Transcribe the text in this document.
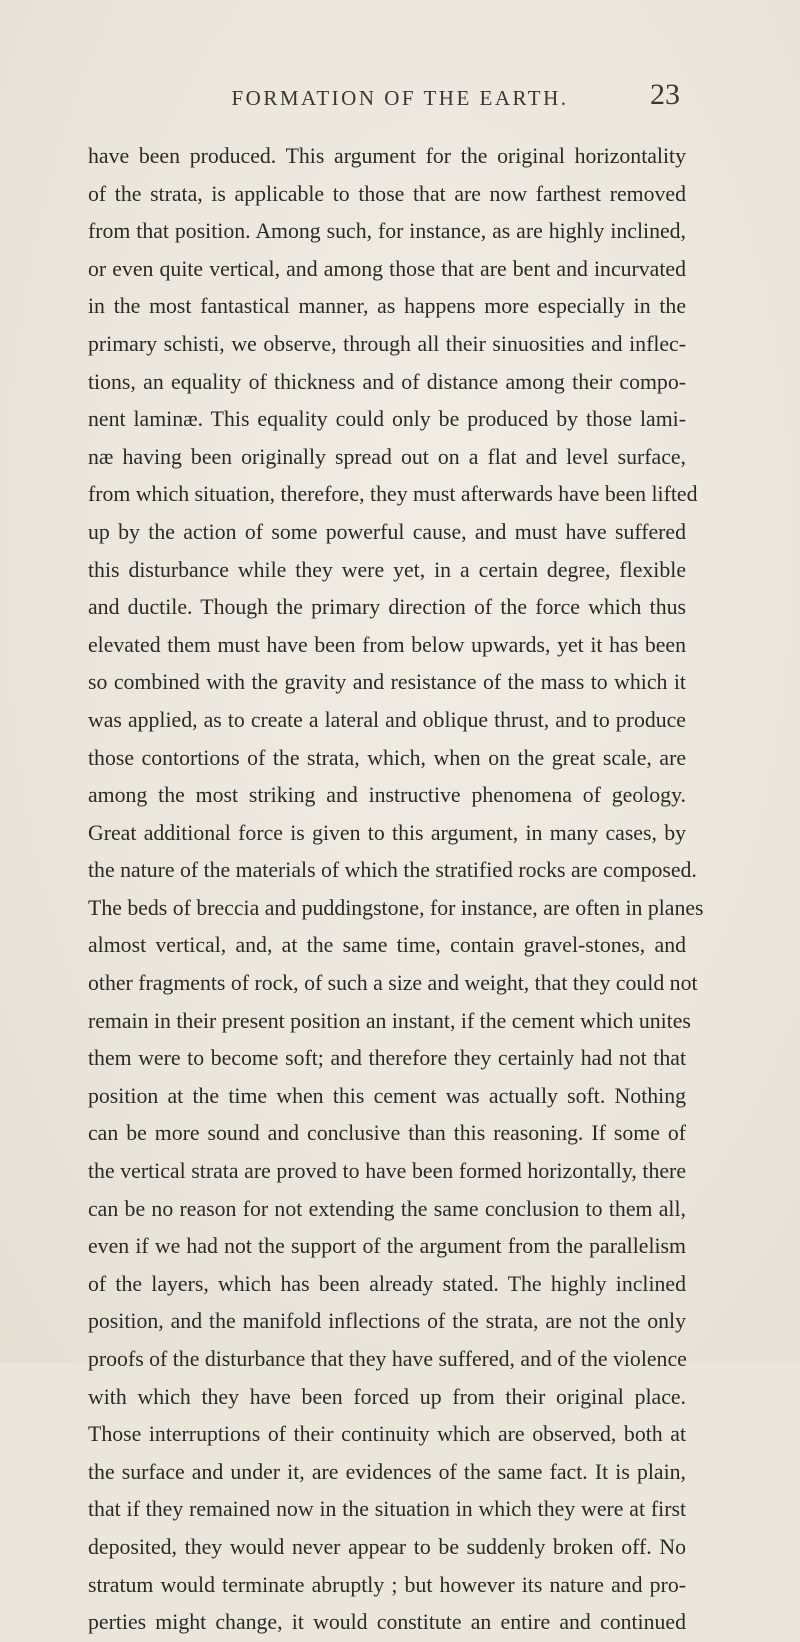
FORMATION OF THE EARTH.	23
have been produced. This argument for the original horizontality
of the strata, is applicable to those that are now farthest removed
from that position. Among such, for instance, as are highly inclined,
or even quite vertical, and among those that are bent and incurvated
in the most fantastical manner, as happens more especially in the
primary schisti, we observe, through all their sinuosities and inflec-
tions, an equality of thickness and of distance among their compo-
nent laminæ. This equality could only be produced by those lami-
næ having been originally spread out on a flat and level surface,
from which situation, therefore, they must afterwards have been lifted
up by the action of some powerful cause, and must have suffered
this disturbance while they were yet, in a certain degree, flexible
and ductile. Though the primary direction of the force which thus
elevated them must have been from below upwards, yet it has been
so combined with the gravity and resistance of the mass to which it
was applied, as to create a lateral and oblique thrust, and to produce
those contortions of the strata, which, when on the great scale, are
among the most striking and instructive phenomena of geology.
Great additional force is given to this argument, in many cases, by
the nature of the materials of which the stratified rocks are composed.
The beds of breccia and puddingstone, for instance, are often in planes
almost vertical, and, at the same time, contain gravel-stones, and
other fragments of rock, of such a size and weight, that they could not
remain in their present position an instant, if the cement which unites
them were to become soft; and therefore they certainly had not that
position at the time when this cement was actually soft. Nothing
can be more sound and conclusive than this reasoning. If some of
the vertical strata are proved to have been formed horizontally, there
can be no reason for not extending the same conclusion to them all,
even if we had not the support of the argument from the parallelism
of the layers, which has been already stated. The highly inclined
position, and the manifold inflections of the strata, are not the only
proofs of the disturbance that they have suffered, and of the violence
with which they have been forced up from their original place.
Those interruptions of their continuity which are observed, both at
the surface and under it, are evidences of the same fact. It is plain,
that if they remained now in the situation in which they were at first
deposited, they would never appear to be suddenly broken off. No
stratum would terminate abruptly ; but however its nature and pro-
perties might change, it would constitute an entire and continued
